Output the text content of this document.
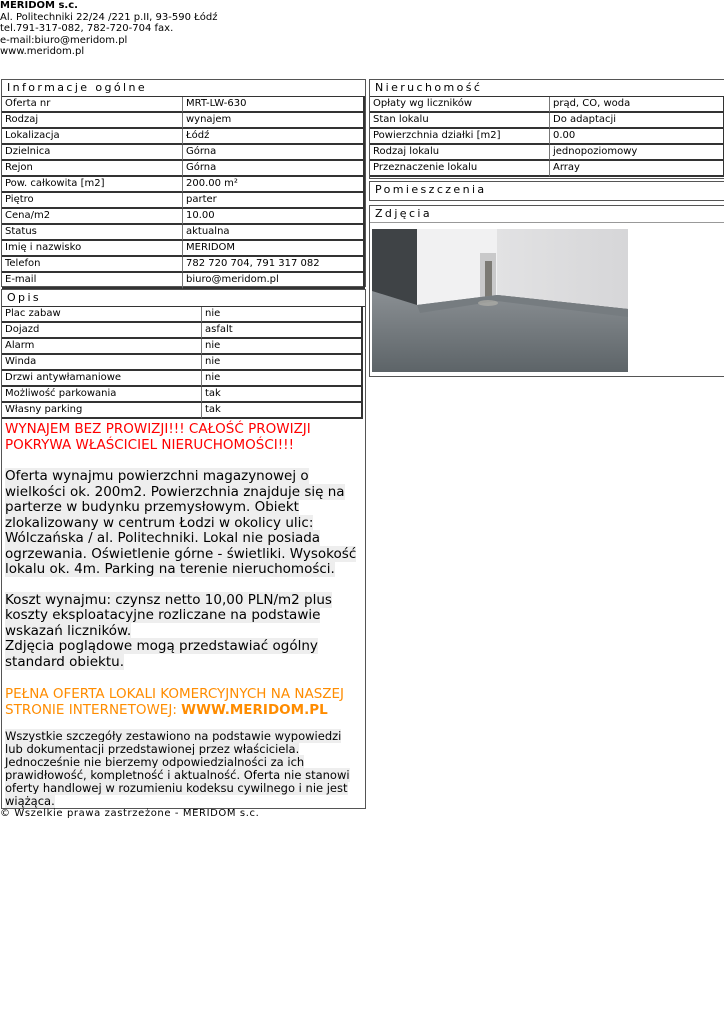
MERIDOM s.c.
Al. Politechniki 22/24 /221 p.II, 93-590 Łódź
tel.791-317-082, 782-720-704 fax.
e-mail:biuro@meridom.pl
www.meridom.pl
Informacje ogólne
Oferta nr	MRT-LW-630
Rodzaj	wynajem
Lokalizacja	Łódź
Dzielnica	Górna
Rejon	Górna
Pow. całkowita [m2]	200.00 m²
Piętro	parter
Cena/m2	10.00
Status	aktualna
Imię i nazwisko	MERIDOM
Telefon	782 720 704, 791 317 082
E-mail	biuro@meridom.pl
Opis
Plac zabaw	nie
Dojazd	asfalt
Alarm	nie
Winda	nie
Drzwi antywłamaniowe	nie
Możliwość parkowania	tak
Własny parking	tak
WYNAJEM BEZ PROWIZJI!!! CAŁOŚĆ PROWIZJI POKRYWA WŁAŚCICIEL NIERUCHOMOŚCI!!!
Oferta wynajmu powierzchni magazynowej o wielkości ok. 200m2. Powierzchnia znajduje się na parterze w budynku przemysłowym. Obiekt zlokalizowany w centrum Łodzi w okolicy ulic: Wólczańska / al. Politechniki. Lokal nie posiada ogrzewania. Oświetlenie górne - świetliki. Wysokość lokalu ok. 4m. Parking na terenie nieruchomości.
Koszt wynajmu: czynsz netto 10,00 PLN/m2 plus koszty eksploatacyjne rozliczane na podstawie wskazań liczników.
Zdjęcia poglądowe mogą przedstawiać ogólny standard obiektu.
PEŁNA OFERTA LOKALI KOMERCYJNYCH NA NASZEJ STRONIE INTERNETOWEJ: WWW.MERIDOM.PL
Wszystkie szczegóły zestawiono na podstawie wypowiedzi lub dokumentacji przedstawionej przez właściciela. Jednocześnie nie bierzemy odpowiedzialności za ich prawidłowość, kompletność i aktualność. Oferta nie stanowi oferty handlowej w rozumieniu kodeksu cywilnego i nie jest wiążąca.
Nieruchomość
Opłaty wg liczników	prąd, CO, woda
Stan lokalu	Do adaptacji
Powierzchnia działki [m2]	0.00
Rodzaj lokalu	jednopoziomowy
Przeznaczenie lokalu	Array
Pomieszczenia
Zdjęcia
© Wszelkie prawa zastrzeżone - MERIDOM s.c.
